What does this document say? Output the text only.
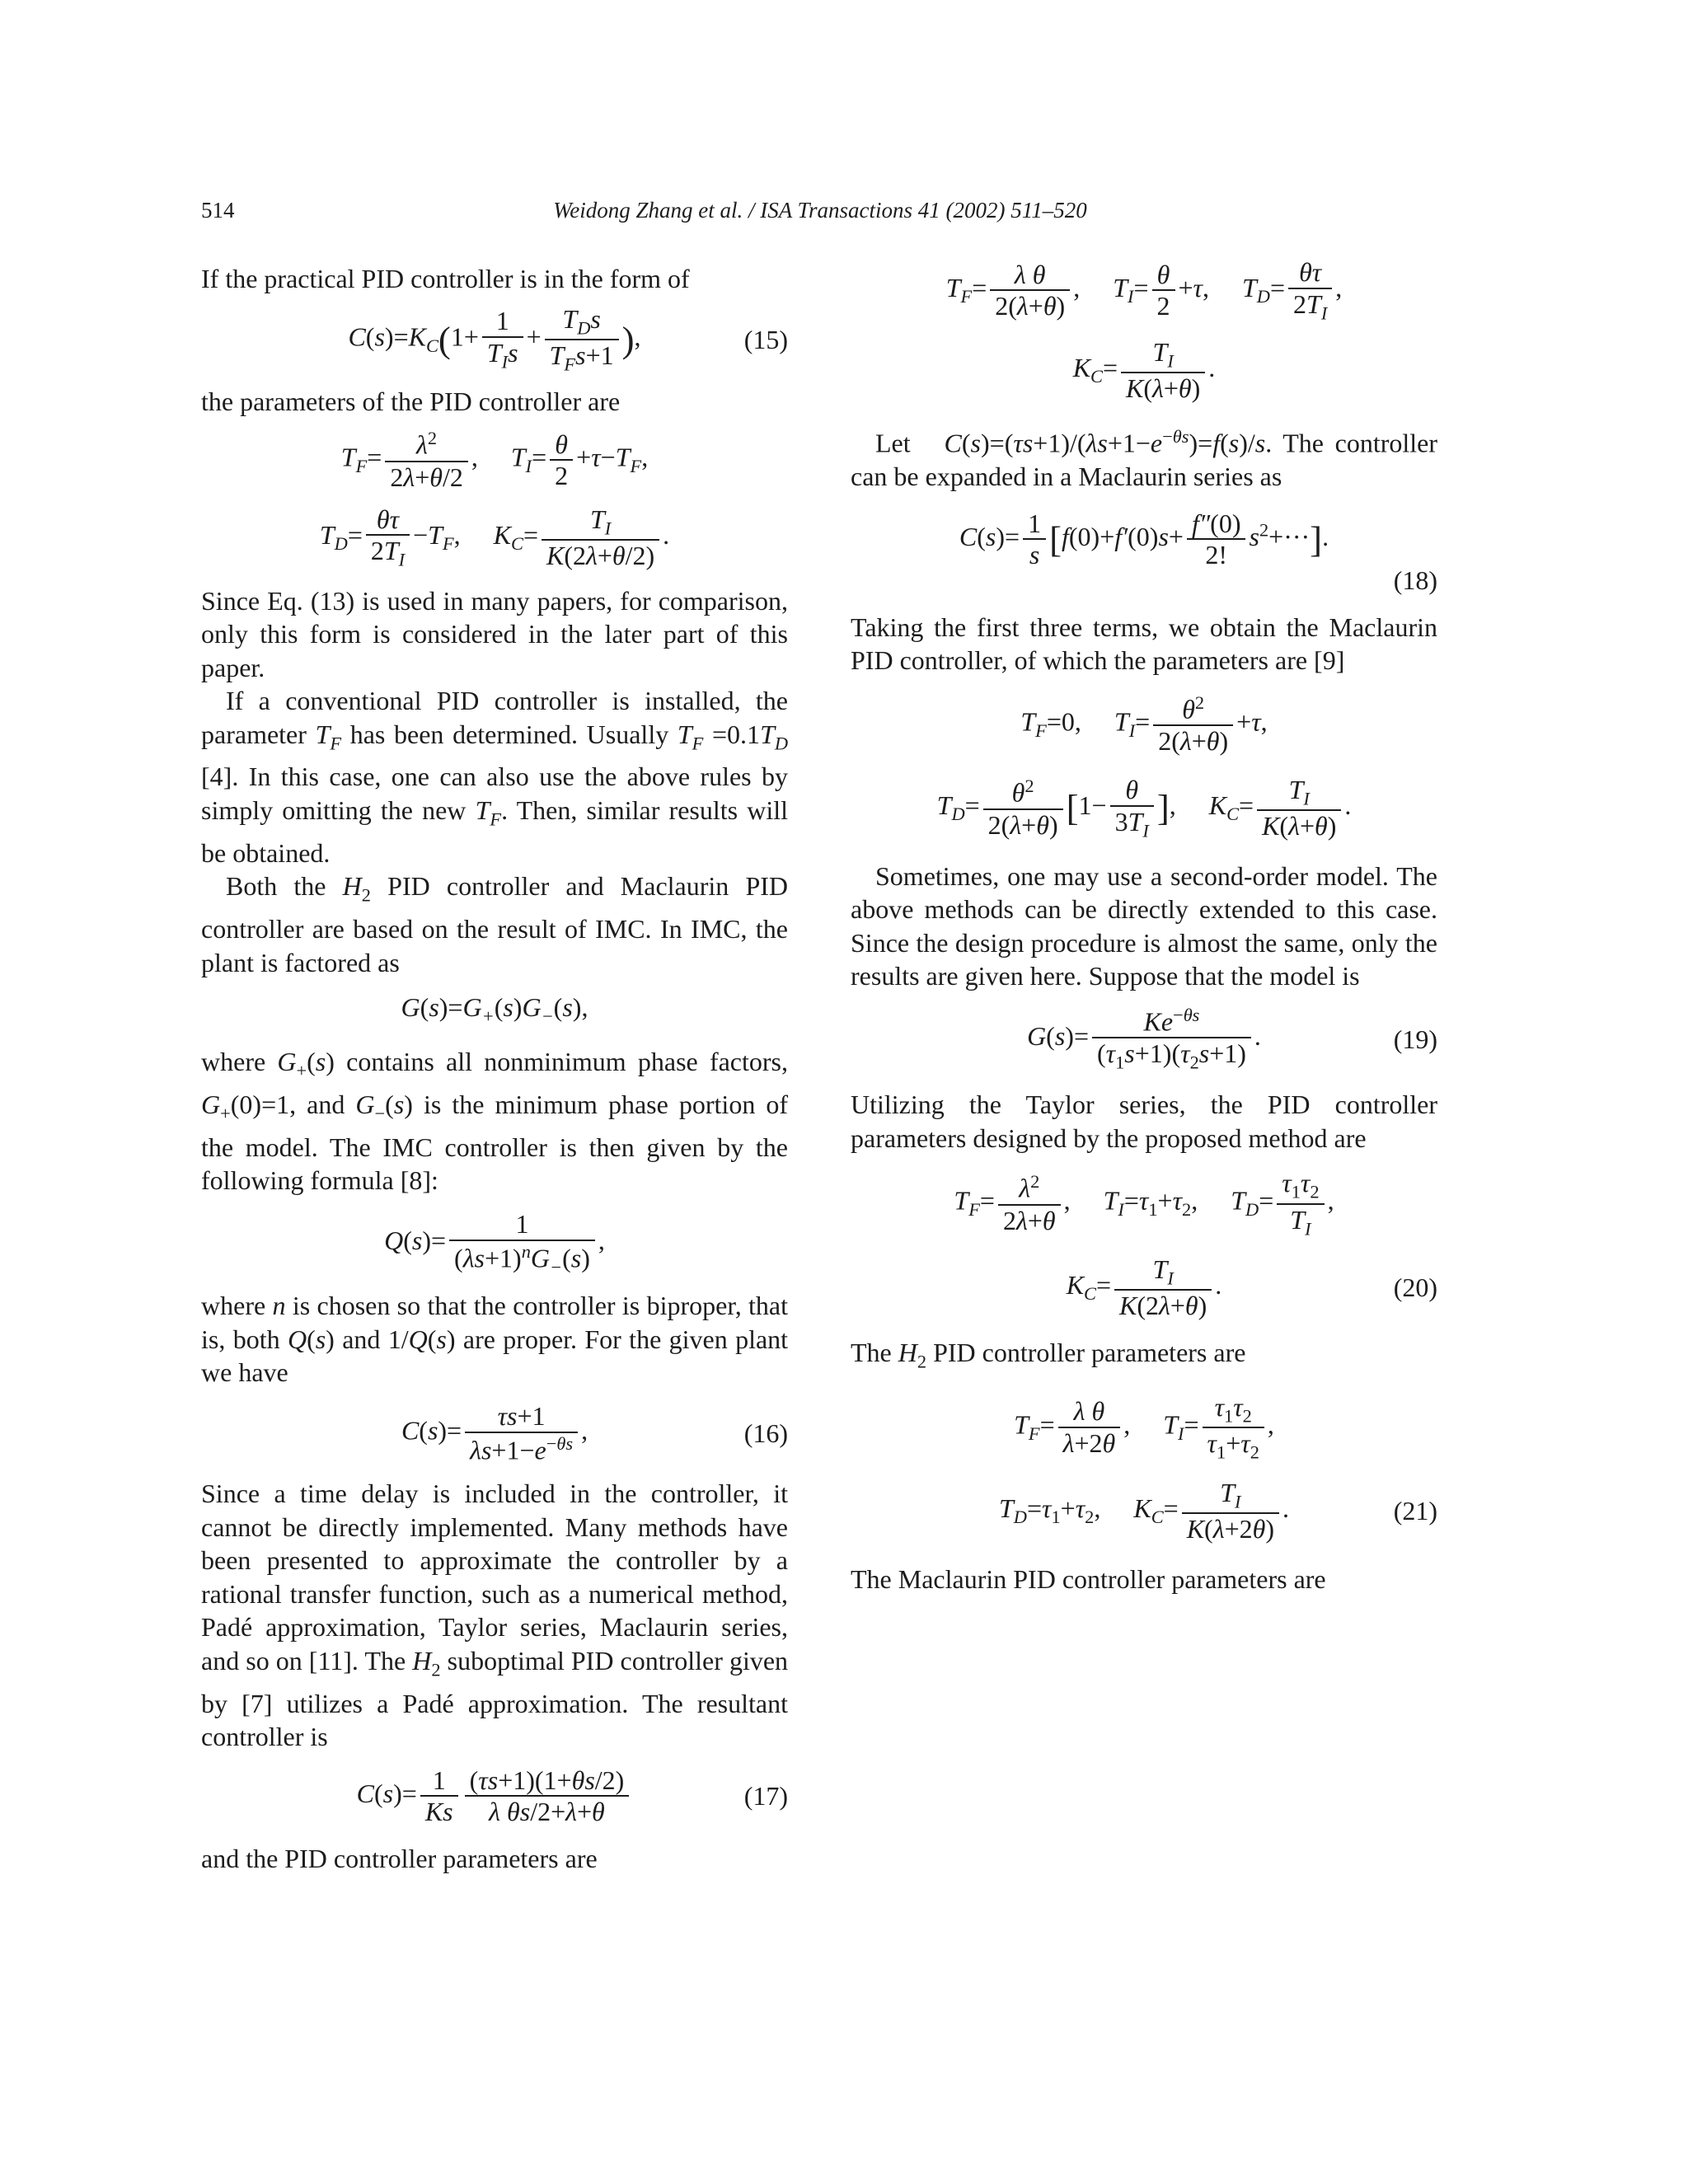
514	Weidong Zhang et al. / ISA Transactions 41 (2002) 511–520

If the practical PID controller is in the form of

$C(s)=K_C(1+ \frac{1}{T_Is} + \frac{T_Ds}{T_Fs+1}$ ),	(15)

the parameters of the PID controller are

$T_F= \frac{\lambda^2}{2\lambda+\theta/2}$ , $T_I= \frac{\theta}{2} +\tau-T_F$,
$T_D= \frac{\theta\tau}{2T_I} -T_F$, $K_C= \frac{T_I}{K(2\lambda+\theta/2)}$ .

Since Eq. (13) is used in many papers, for comparison, only this form is considered in the later part of this paper.

If a conventional PID controller is installed, the parameter $T_F$ has been determined. Usually $T_F =0.1T_D$ [4]. In this case, one can also use the above rules by simply omitting the new $T_F$. Then, similar results will be obtained.

Both the $H_2$ PID controller and Maclaurin PID controller are based on the result of IMC. In IMC, the plant is factored as

$G(s)=G_+(s)G_-(s)$,

where $G_+(s)$ contains all nonminimum phase factors, $G_+(0)=1$, and $G_-(s)$ is the minimum phase portion of the model. The IMC controller is then given by the following formula [8]:

$Q(s)= \frac{1}{(\lambda s+1)^nG_-(s)}$ ,

where n is chosen so that the controller is biproper, that is, both Q(s) and 1/Q(s) are proper. For the given plant we have

$C(s)= \frac{\tau s+1}{\lambda s+1-e^{-\theta s}}$ ,	(16)

Since a time delay is included in the controller, it cannot be directly implemented. Many methods have been presented to approximate the controller by a rational transfer function, such as a numerical method, Padé approximation, Taylor series, Maclaurin series, and so on [11]. The $H_2$ suboptimal PID controller given by [7] utilizes a Padé approximation. The resultant controller is

$C(s)= \frac{1}{Ks} \frac{(\tau s+1)(1+\theta s/2)}{\text{λ θs/2+λ+θ}}$	(17)

and the PID controller parameters are

$T_F= \frac{\text{λ θ}}{2(\lambda+\theta)}$ , $T_I= \frac{\theta}{2} +\tau$, $T_D= \frac{\theta\tau}{2T_I}$ ,
$K_C= \frac{T_I}{K(\lambda+\theta)}$ .

Let $C(s)=(\tau s+1)/(\lambda s+1-e^{-\theta s})=f(s)/s$. The controller can be expanded in a Maclaurin series as

$C(s)= \frac{1}{s} [f(0)+f'(0)s+ \frac{f''(0)}{2!} s^2+\cdot\cdot\cdot]$.
(18)

Taking the first three terms, we obtain the Maclaurin PID controller, of which the parameters are [9]

$T_F=0$, $T_I= \frac{\theta^2}{2(\lambda+\theta)} +\tau$,
$T_D= \frac{\theta^2}{2(\lambda+\theta)} [1- \frac{\theta}{3T_I}$ ], $K_C= \frac{T_I}{K(\lambda+\theta)}$ .

Sometimes, one may use a second-order model. The above methods can be directly extended to this case. Since the design procedure is almost the same, only the results are given here. Suppose that the model is

$G(s)= \frac{Ke^{-\theta s}}{(\tau_1s+1)(\tau_2s+1)}$ .	(19)

Utilizing the Taylor series, the PID controller parameters designed by the proposed method are

$T_F= \frac{\lambda^2}{2\lambda+\theta}$ , $T_I=\tau_1+\tau_2$, $T_D= \frac{\tau_1\tau_2}{T_I}$ ,
$K_C= \frac{T_I}{K(2\lambda+\theta)}$ .	(20)

The $H_2$ PID controller parameters are

$T_F= \frac{\text{λ θ}}{\lambda+2\theta}$ , $T_I= \frac{\tau_1\tau_2}{\tau_1+\tau_2}$ ,
$T_D=\tau_1+\tau_2$, $K_C= \frac{T_I}{K(\lambda+2\theta)}$ .	(21)

The Maclaurin PID controller parameters are
